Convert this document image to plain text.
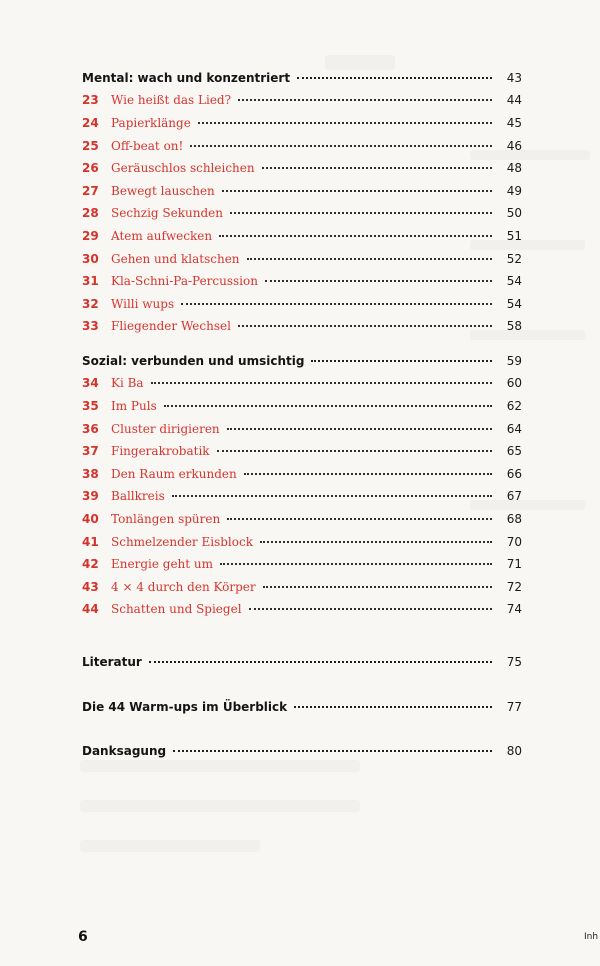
Mental: wach und konzentriert	43
23	Wie heißt das Lied?	44
24	Papierklänge	45
25	Off-beat on!	46
26	Geräuschlos schleichen	48
27	Bewegt lauschen	49
28	Sechzig Sekunden	50
29	Atem aufwecken	51
30	Gehen und klatschen	52
31	Kla-Schni-Pa-Percussion	54
32	Willi wups	54
33	Fliegender Wechsel	58
Sozial: verbunden und umsichtig	59
34	Ki Ba	60
35	Im Puls	62
36	Cluster dirigieren	64
37	Fingerakrobatik	65
38	Den Raum erkunden	66
39	Ballkreis	67
40	Tonlängen spüren	68
41	Schmelzender Eisblock	70
42	Energie geht um	71
43	4 × 4 durch den Körper	72
44	Schatten und Spiegel	74
Literatur	75
Die 44 Warm-ups im Überblick	77
Danksagung	80
6	Inh
